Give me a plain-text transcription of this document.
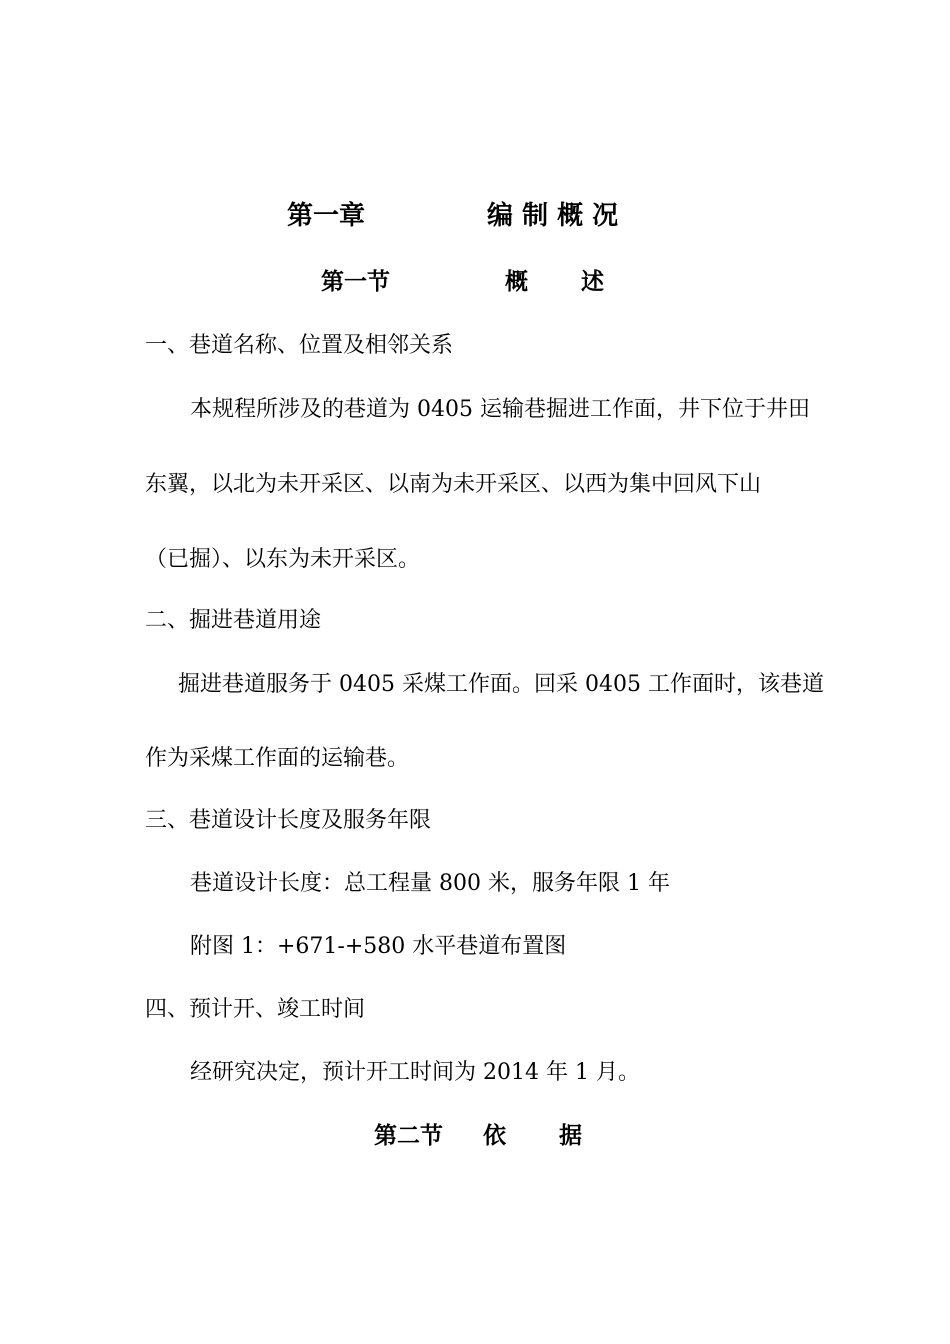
第一章	编 制 概 况
第一节	概 述
一、巷道名称、位置及相邻关系
本规程所涉及的巷道为 0405 运输巷掘进工作面，井下位于井田
东翼，以北为未开采区、以南为未开采区、以西为集中回风下山
（已掘）、以东为未开采区。
二、掘进巷道用途
掘进巷道服务于 0405 采煤工作面。回采 0405 工作面时，该巷道
作为采煤工作面的运输巷。
三、巷道设计长度及服务年限
巷道设计长度：总工程量 800 米，服务年限 1 年
附图 1：+671-+580 水平巷道布置图
四、预计开、竣工时间
经研究决定，预计开工时间为 2014 年 1 月。
第二节 依 据
